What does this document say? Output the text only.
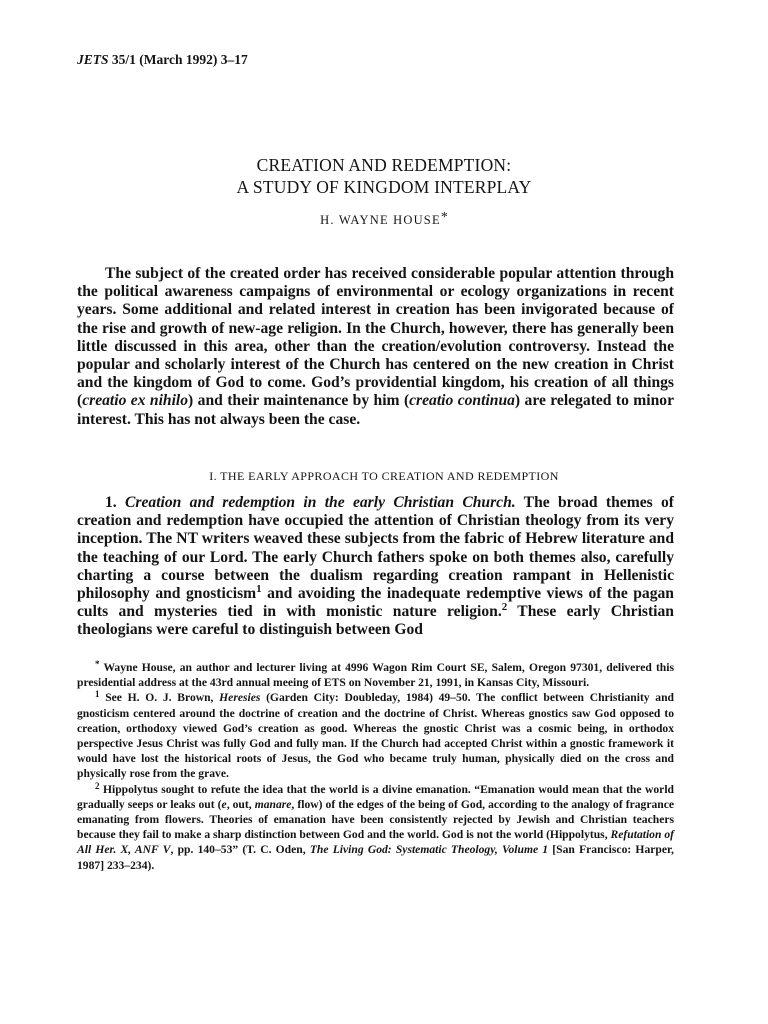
JETS 35/1 (March 1992) 3–17
CREATION AND REDEMPTION:
A STUDY OF KINGDOM INTERPLAY
H. WAYNE HOUSE*

The subject of the created order has received considerable popular attention through the political awareness campaigns of environmental or ecology organizations in recent years. Some additional and related interest in creation has been invigorated because of the rise and growth of new-age religion. In the Church, however, there has generally been little discussed in this area, other than the creation/evolution controversy. Instead the popular and scholarly interest of the Church has centered on the new creation in Christ and the kingdom of God to come. God’s providential kingdom, his creation of all things (creatio ex nihilo) and their maintenance by him (creatio continua) are relegated to minor interest. This has not always been the case.

I. THE EARLY APPROACH TO CREATION AND REDEMPTION

1. Creation and redemption in the early Christian Church. The broad themes of creation and redemption have occupied the attention of Christian theology from its very inception. The NT writers weaved these subjects from the fabric of Hebrew literature and the teaching of our Lord. The early Church fathers spoke on both themes also, carefully charting a course between the dualism regarding creation rampant in Hellenistic philosophy and gnosticism$^1$ and avoiding the inadequate redemptive views of the pagan cults and mysteries tied in with monistic nature religion.$^2$ These early Christian theologians were careful to distinguish between God

* Wayne House, an author and lecturer living at 4996 Wagon Rim Court SE, Salem, Oregon 97301, delivered this presidential address at the 43rd annual meeing of ETS on November 21, 1991, in Kansas City, Missouri.

$^1$ See H. O. J. Brown, Heresies (Garden City: Doubleday, 1984) 49–50. The conflict between Christianity and gnosticism centered around the doctrine of creation and the doctrine of Christ. Whereas gnostics saw God opposed to creation, orthodoxy viewed God’s creation as good. Whereas the gnostic Christ was a cosmic being, in orthodox perspective Jesus Christ was fully God and fully man. If the Church had accepted Christ within a gnostic framework it would have lost the historical roots of Jesus, the God who became truly human, physically died on the cross and physically rose from the grave.

$^2$ Hippolytus sought to refute the idea that the world is a divine emanation. “Emanation would mean that the world gradually seeps or leaks out (e, out, manare, flow) of the edges of the being of God, according to the analogy of fragrance emanating from flowers. Theories of emanation have been consistently rejected by Jewish and Christian teachers because they fail to make a sharp distinction between God and the world. God is not the world (Hippolytus, Refutation of All Her. X, ANF V, pp. 140–53” (T. C. Oden, The Living God: Systematic Theology, Volume 1 [San Francisco: Harper, 1987] 233–234).
